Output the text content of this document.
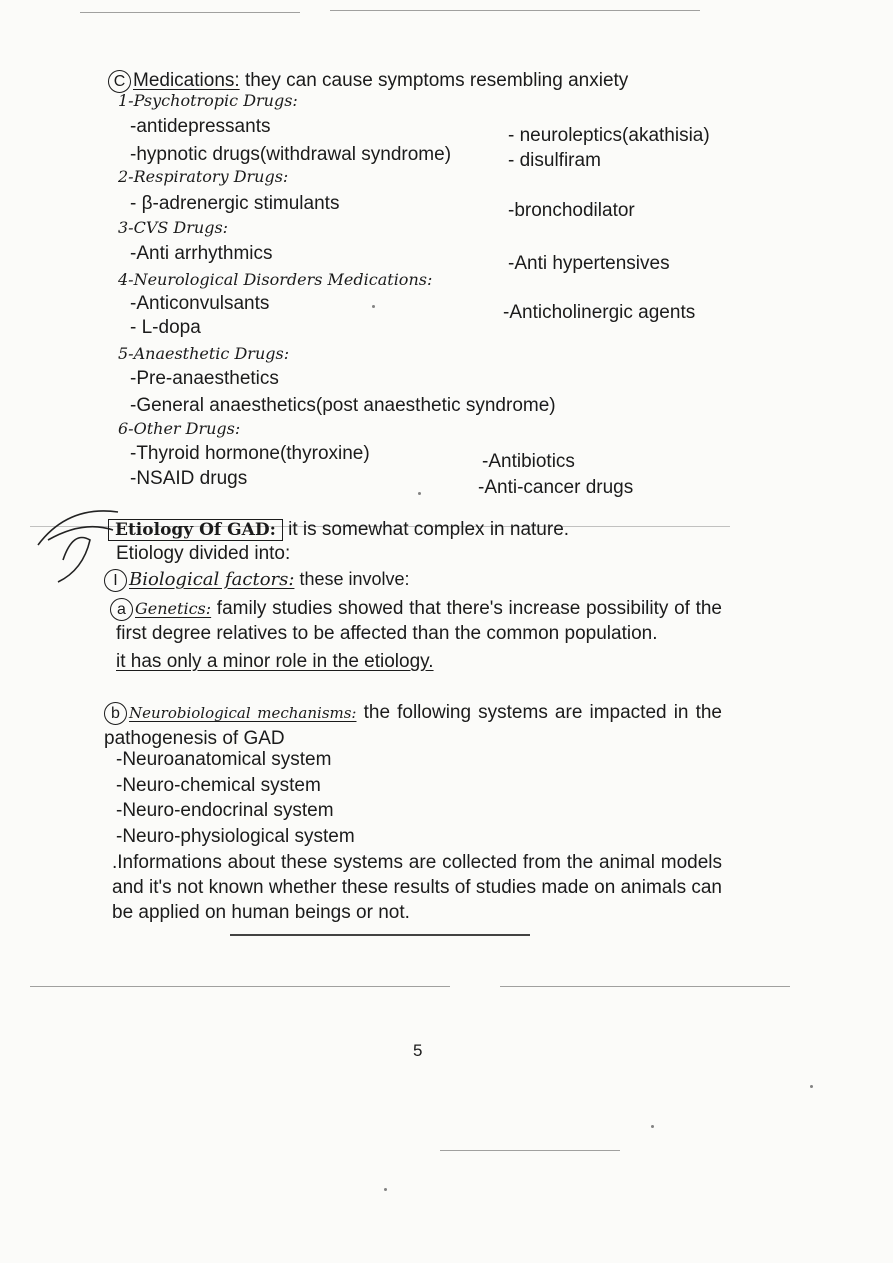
C Medications: they can cause symptoms resembling anxiety
1-Psychotropic Drugs:
-antidepressants
-hypnotic drugs(withdrawal syndrome)
- neuroleptics(akathisia)
- disulfiram
2-Respiratory Drugs:
- β-adrenergic stimulants	-bronchodilator
3-CVS Drugs:
-Anti arrhythmics	-Anti hypertensives
4-Neurological Disorders Medications:
-Anticonvulsants
- L-dopa
-Anticholinergic agents
5-Anaesthetic Drugs:
-Pre-anaesthetics
-General anaesthetics(post anaesthetic syndrome)
6-Other Drugs:
-Thyroid hormone(thyroxine)
-NSAID drugs
-Antibiotics
-Anti-cancer drugs
Etiology Of GAD: it is somewhat complex in nature.
Etiology divided into:
I Biological factors: these involve:
a Genetics: family studies showed that there's increase possibility of the first degree relatives to be affected than the common population.
it has only a minor role in the etiology.
b Neurobiological mechanisms: the following systems are impacted in the pathogenesis of GAD
-Neuroanatomical system
-Neuro-chemical system
-Neuro-endocrinal system
-Neuro-physiological system
.Informations about these systems are collected from the animal models and it's not known whether these results of studies made on animals can be applied on human beings or not.
5
